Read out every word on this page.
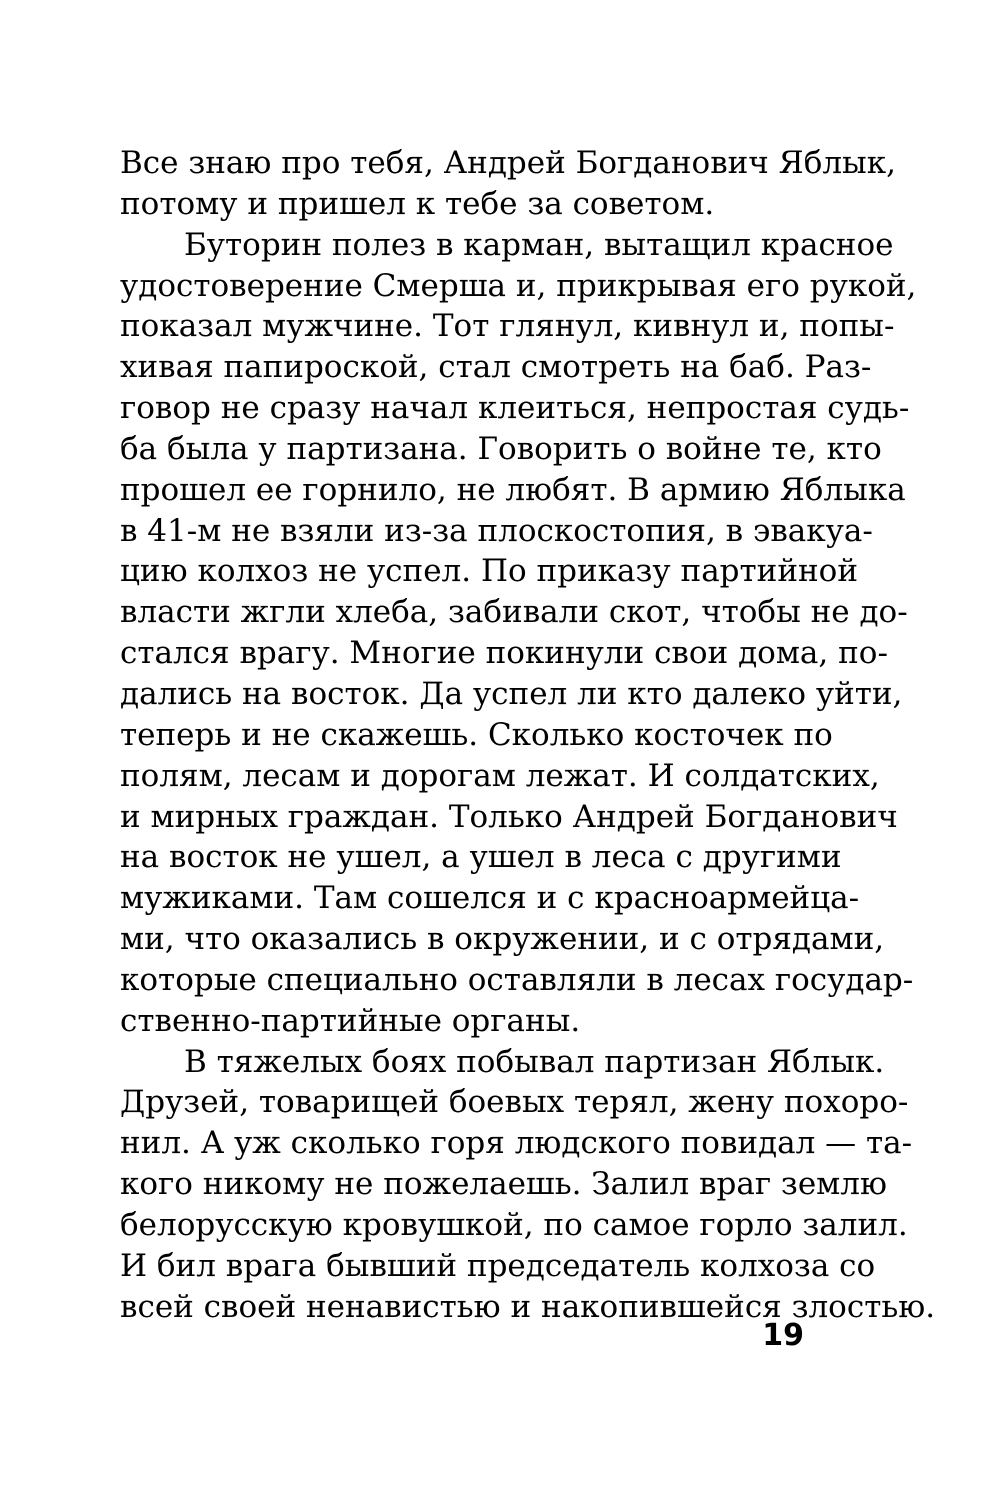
Все знаю про тебя, Андрей Богданович Яблык,
потому и пришел к тебе за советом.
Буторин полез в карман, вытащил красное
удостоверение Смерша и, прикрывая его рукой,
показал мужчине. Тот глянул, кивнул и, попы-
хивая папироской, стал смотреть на баб. Раз-
говор не сразу начал клеиться, непростая судь-
ба была у партизана. Говорить о войне те, кто
прошел ее горнило, не любят. В армию Яблыка
в 41-м не взяли из-за плоскостопия, в эвакуа-
цию колхоз не успел. По приказу партийной
власти жгли хлеба, забивали скот, чтобы не до-
стался врагу. Многие покинули свои дома, по-
дались на восток. Да успел ли кто далеко уйти,
теперь и не скажешь. Сколько косточек по
полям, лесам и дорогам лежат. И солдатских,
и мирных граждан. Только Андрей Богданович
на восток не ушел, а ушел в леса с другими
мужиками. Там сошелся и с красноармейца-
ми, что оказались в окружении, и с отрядами,
которые специально оставляли в лесах государ-
ственно-партийные органы.
В тяжелых боях побывал партизан Яблык.
Друзей, товарищей боевых терял, жену похоро-
нил. А уж сколько горя людского повидал — та-
кого никому не пожелаешь. Залил враг землю
белорусскую кровушкой, по самое горло залил.
И бил врага бывший председатель колхоза со
всей своей ненавистью и накопившейся злостью.
19
